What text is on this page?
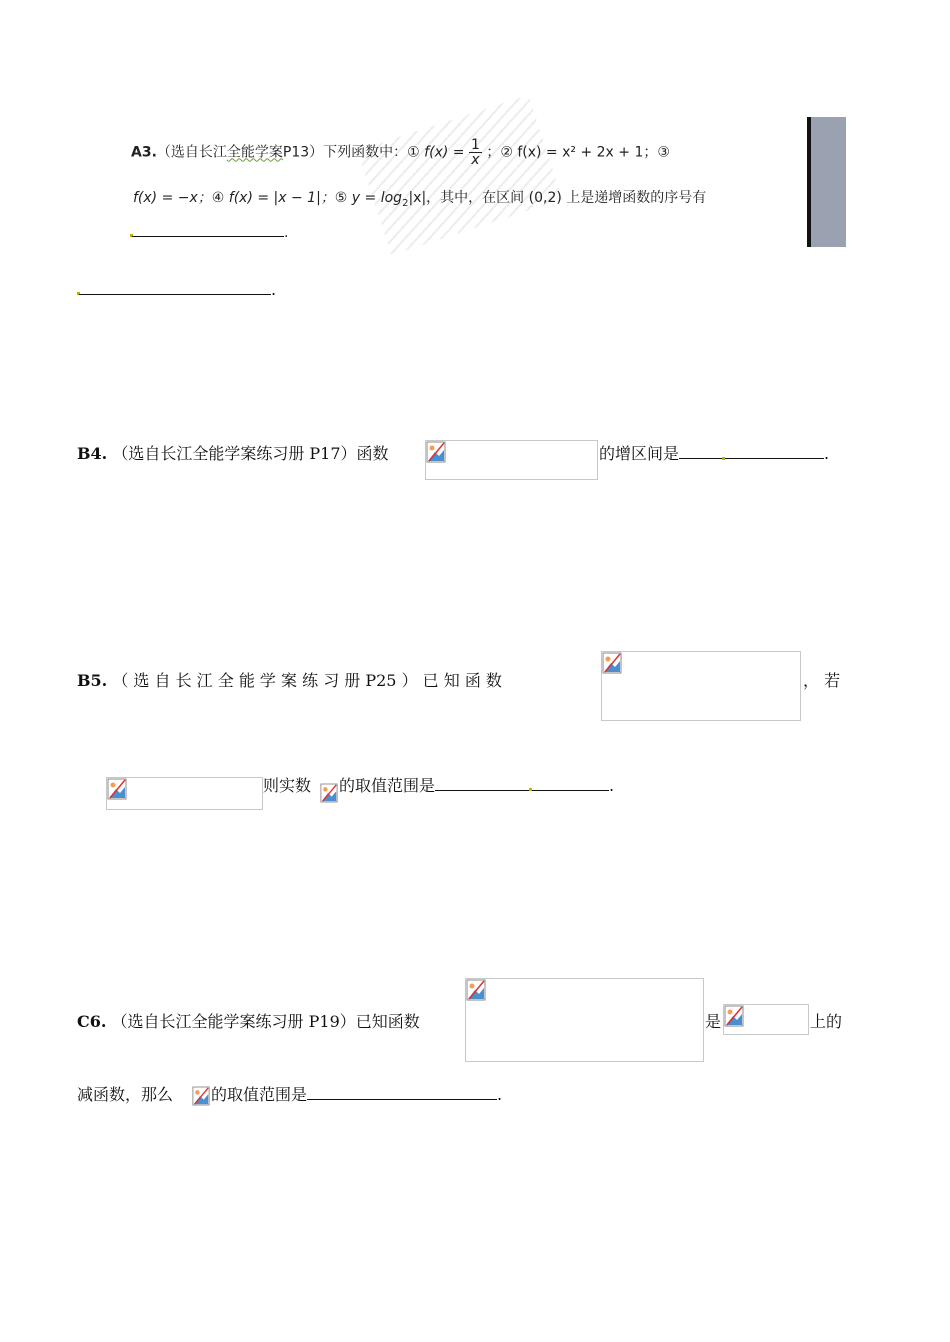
A3.（选自长江全能学案P13）下列函数中：① $f(x) = \frac{1}{x}$ ；② f(x) = x² + 2x + 1；③
f(x) = −x；④ f(x) = |x − 1|；⑤ $y = \log_2|x|$，其中，在区间 (0,2) 上是递增函数的序号有
.
.
B4. （选自长江全能学案练习册 P17）函数	的增区间是	.
B5. （ 选 自 长 江 全 能 学 案 练 习 册 P25 ） 已 知 函 数	， 若
则实数 的取值范围是	.
C6. （选自长江全能学案练习册 P19）已知函数	是	上的
减函数，那么 的取值范围是	.
